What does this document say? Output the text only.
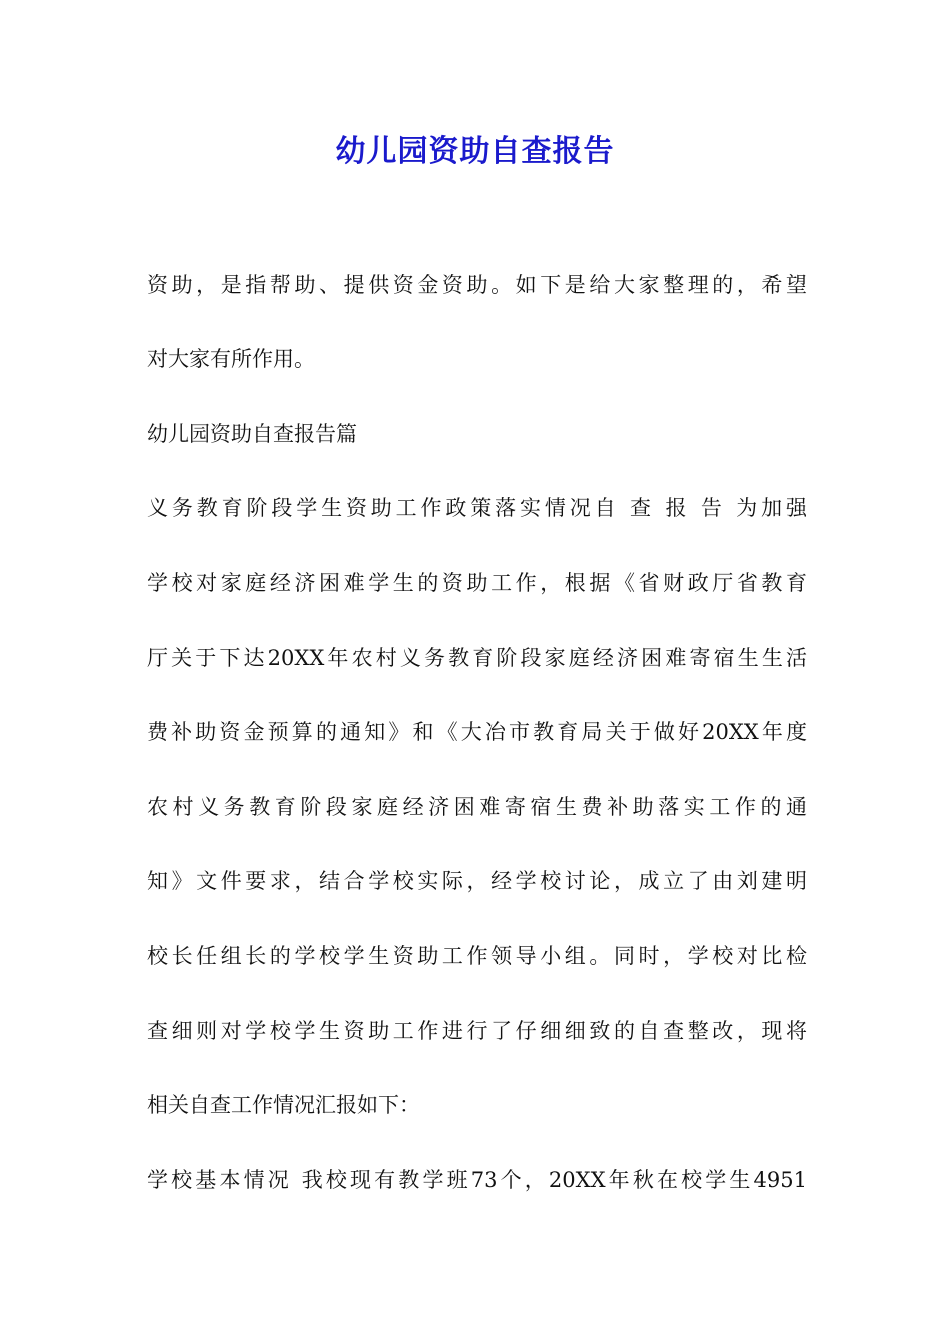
幼儿园资助自查报告
资助，是指帮助、提供资金资助。如下是给大家整理的，希望
对大家有所作用。
幼儿园资助自查报告篇
义务教育阶段学生资助工作政策落实情况自 查 报 告 为加强
学校对家庭经济困难学生的资助工作，根据《省财政厅省教育
厅关于下达20XX年农村义务教育阶段家庭经济困难寄宿生生活
费补助资金预算的通知》和《大冶市教育局关于做好20XX年度
农村义务教育阶段家庭经济困难寄宿生费补助落实工作的通
知》文件要求，结合学校实际，经学校讨论，成立了由刘建明
校长任组长的学校学生资助工作领导小组。同时，学校对比检
查细则对学校学生资助工作进行了仔细细致的自查整改，现将
相关自查工作情况汇报如下：
学校基本情况 我校现有教学班73个，20XX年秋在校学生4951
